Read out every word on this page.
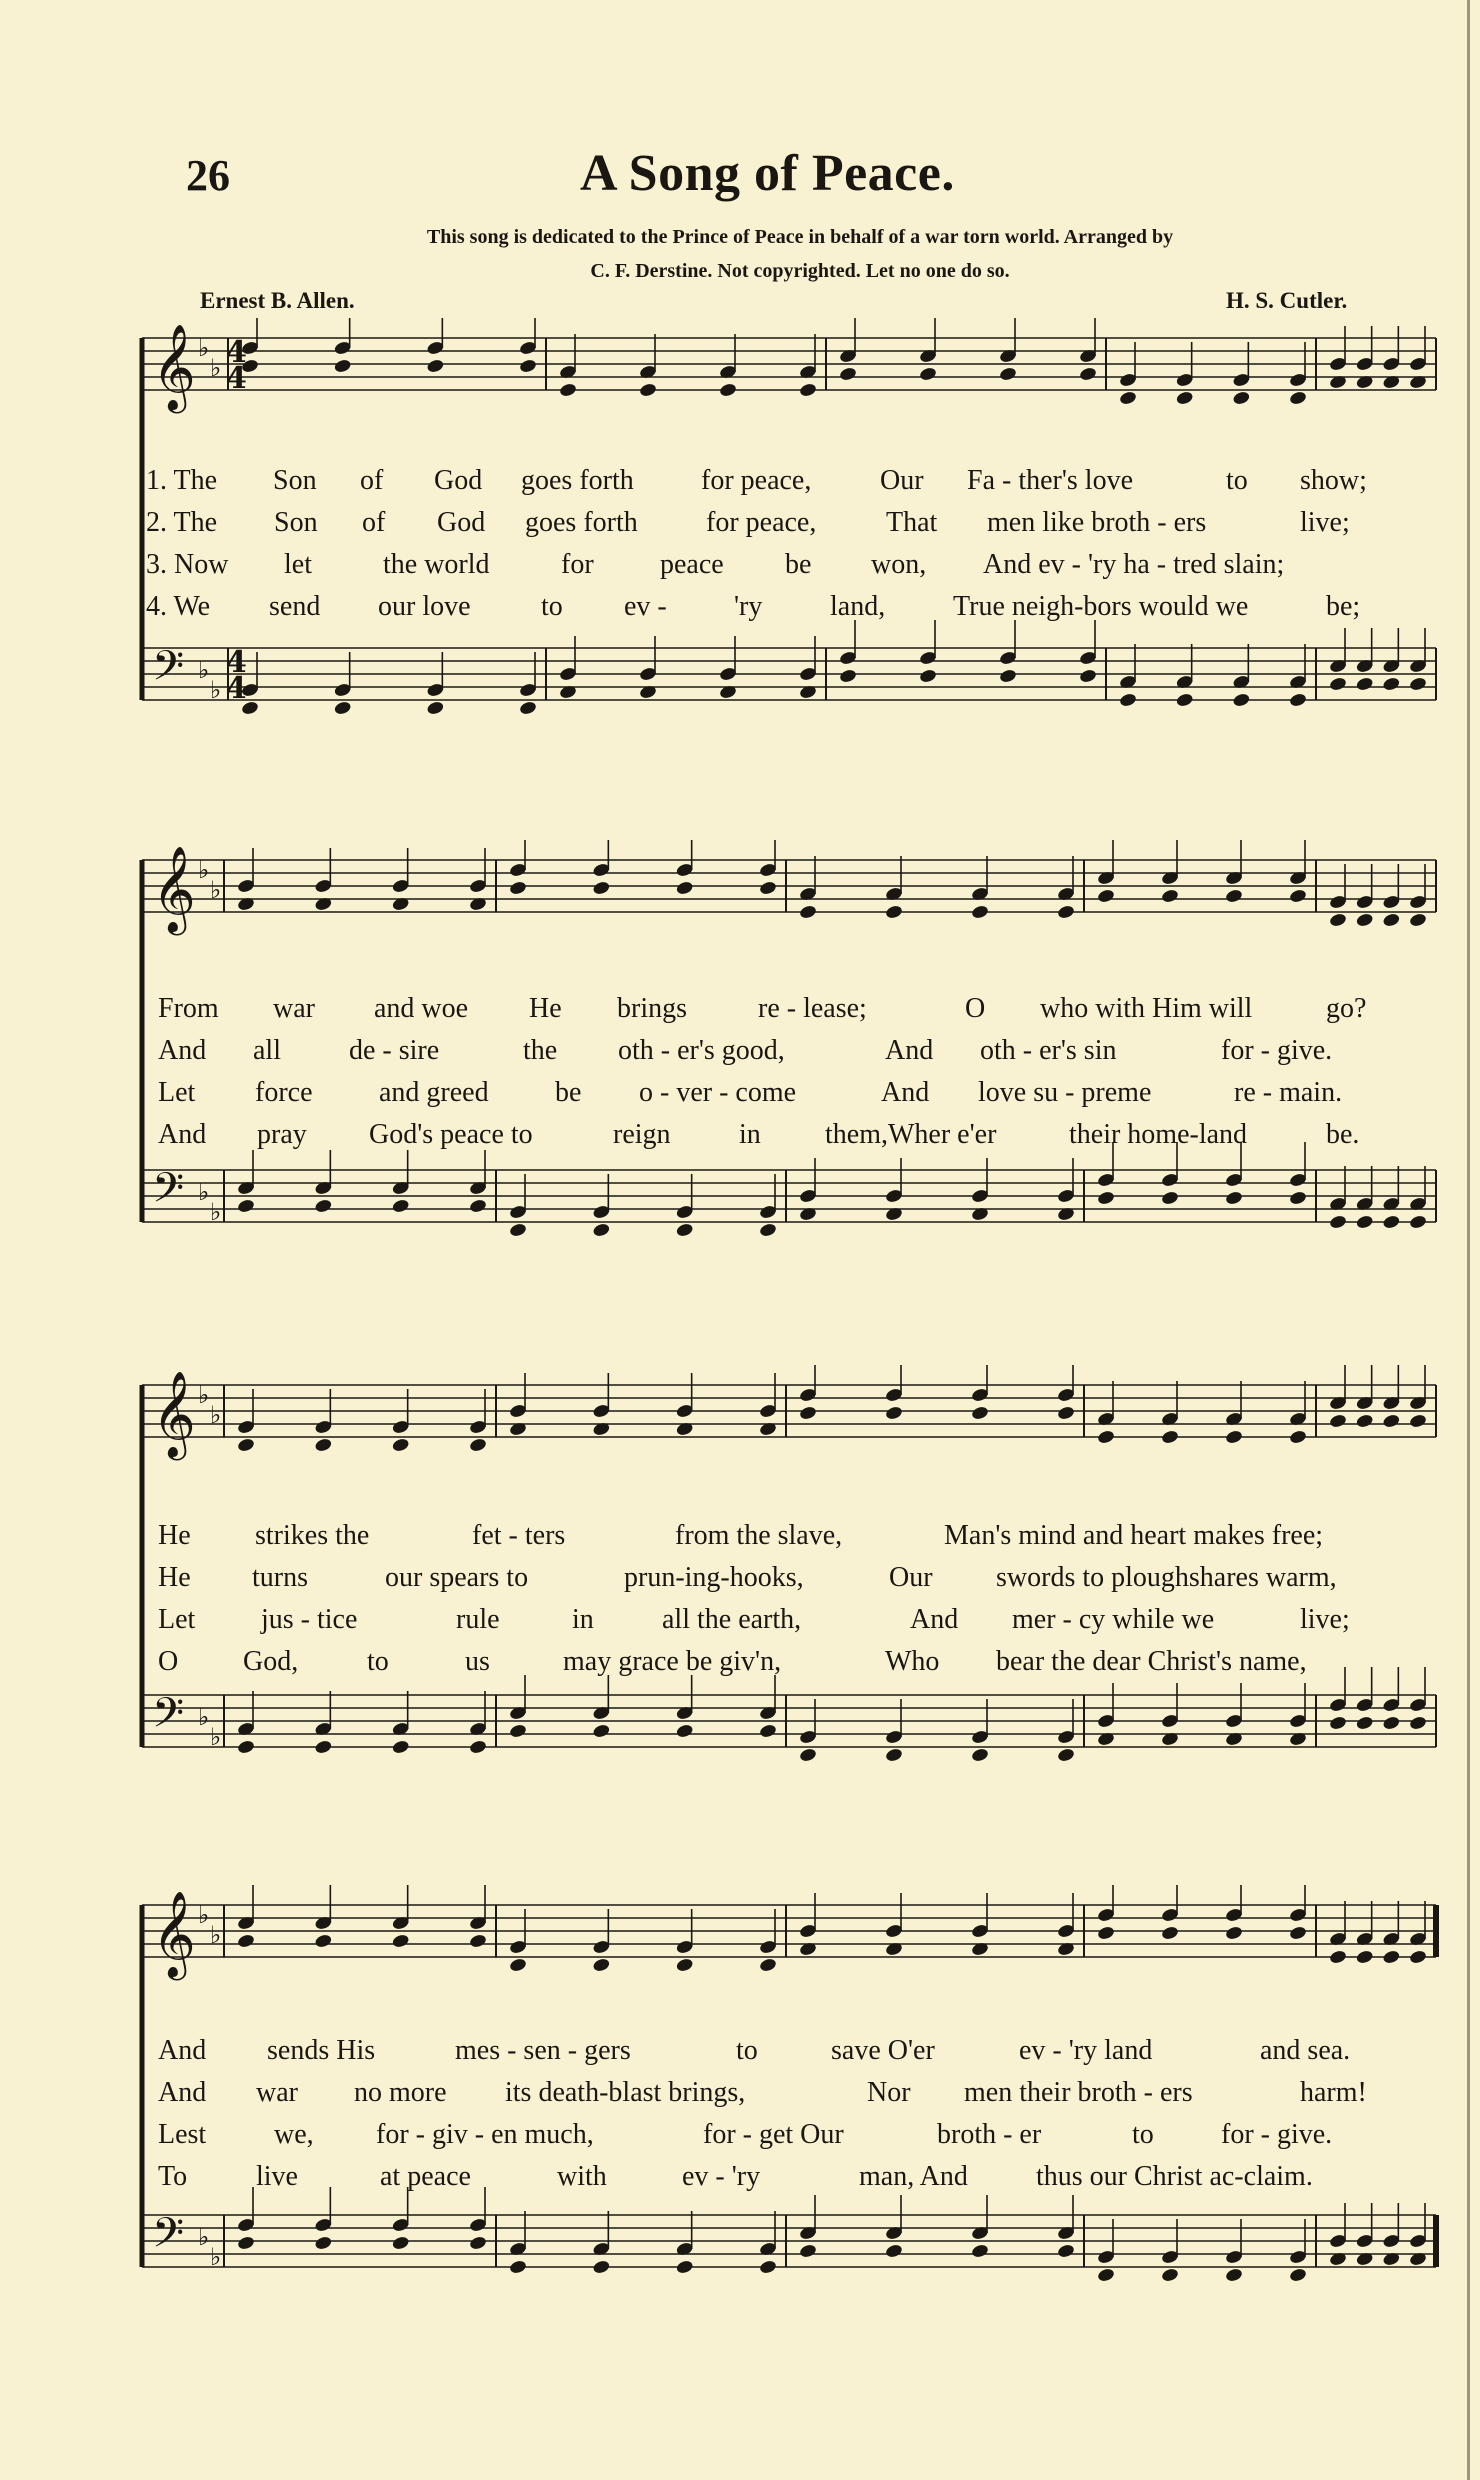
26	A Song of Peace.
This song is dedicated to the Prince of Peace in behalf of a war torn world. Arranged by
C. F. Derstine. Not copyrighted. Let no one do so.
Ernest B. Allen.	H. S. Cutler.
𝄞 ♭
♭
𝄢 ♭
♭
4
4
4
4
1. The Son of God goes forth for peace, Our Fa - ther's love	to show;
2. The Son of God goes forth for peace, That men like broth - ers	live;
3. Now let	the world	for peace be won, And ev - 'ry ha - tred slain;
4. We send our love	to ev - 'ry land, True neigh-bors would we	be;
𝄞 ♭
♭
𝄢 ♭
♭
From war and woe He brings	re - lease;	O who with Him will	go?
And all de - sire	the oth - er's good,	And oth - er's sin	for - give.
Let force and greed be o - ver - come	And love su - preme	re - main.
And pray God's peace to	reign in them,Wher e'er	their home-land	be.
𝄞 ♭
♭
𝄢 ♭
♭
He strikes the	fet - ters	from the slave,	Man's mind and heart makes free;
He turns	our spears to	prun-ing-hooks,	Our swords to ploughshares warm,
Let jus - tice	rule	in all the earth,	And mer - cy while we	live;
O God, to	us	may grace be giv'n,	Who bear the dear Christ's name,
𝄞 ♭
♭
𝄢 ♭
♭
And sends His	mes - sen - gers	to	save O'er	ev - 'ry land	and sea.
And war no more its death-blast brings,	Nor men their broth - ers	harm!
Lest we, for - giv - en much,	for - get Our	broth - er	to for - give.
To live	at peace	with	ev - 'ry	man, And thus our Christ ac-claim.
